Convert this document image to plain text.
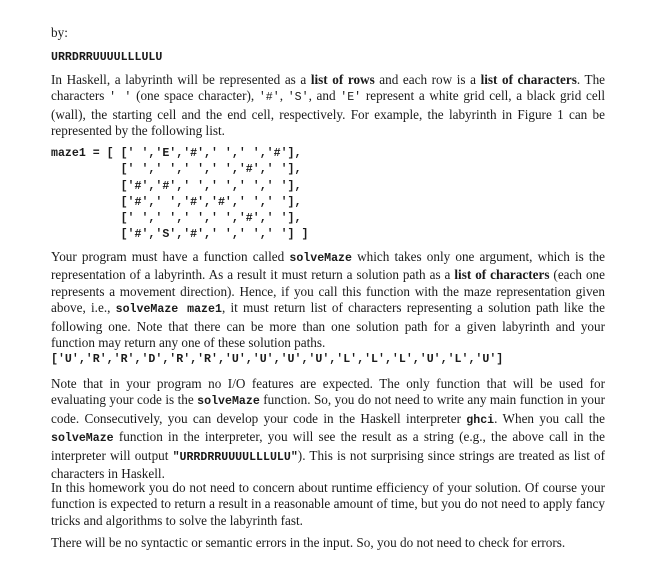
by:
URRDRRUUUULLLULU

In Haskell, a labyrinth will be represented as a list of rows and each row is a list of characters. The characters ' ' (one space character), '#', 'S', and 'E' represent a white grid cell, a black grid cell (wall), the starting cell and the end cell, respectively. For example, the labyrinth in Figure 1 can be represented by the following list.

maze1 = [ [' ','E','#',' ',' ','#'],
[' ',' ',' ',' ','#',' '],
['#','#',' ',' ',' ',' '],
['#',' ','#','#',' ',' '],
[' ',' ',' ',' ','#',' '],
['#','S','#',' ',' ',' '] ]

Your program must have a function called solveMaze which takes only one argument, which is the representation of a labyrinth. As a result it must return a solution path as a list of characters (each one represents a movement direction). Hence, if you call this function with the maze representation given above, i.e., solveMaze maze1, it must return list of characters representing a solution path like the following one. Note that there can be more than one solution path for a given labyrinth and your function may return any one of these solution paths.

['U','R','R','D','R','R','U','U','U','U','L','L','L','U','L','U']

Note that in your program no I/O features are expected. The only function that will be used for evaluating your code is the solveMaze function. So, you do not need to write any main function in your code. Consecutively, you can develop your code in the Haskell interpreter ghci. When you call the solveMaze function in the interpreter, you will see the result as a string (e.g., the above call in the interpreter will output "URRDRRUUUULLLULU"). This is not surprising since strings are treated as list of characters in Haskell.

In this homework you do not need to concern about runtime efficiency of your solution. Of course your function is expected to return a result in a reasonable amount of time, but you do not need to apply fancy tricks and algorithms to solve the labyrinth fast.

There will be no syntactic or semantic errors in the input. So, you do not need to check for errors.
